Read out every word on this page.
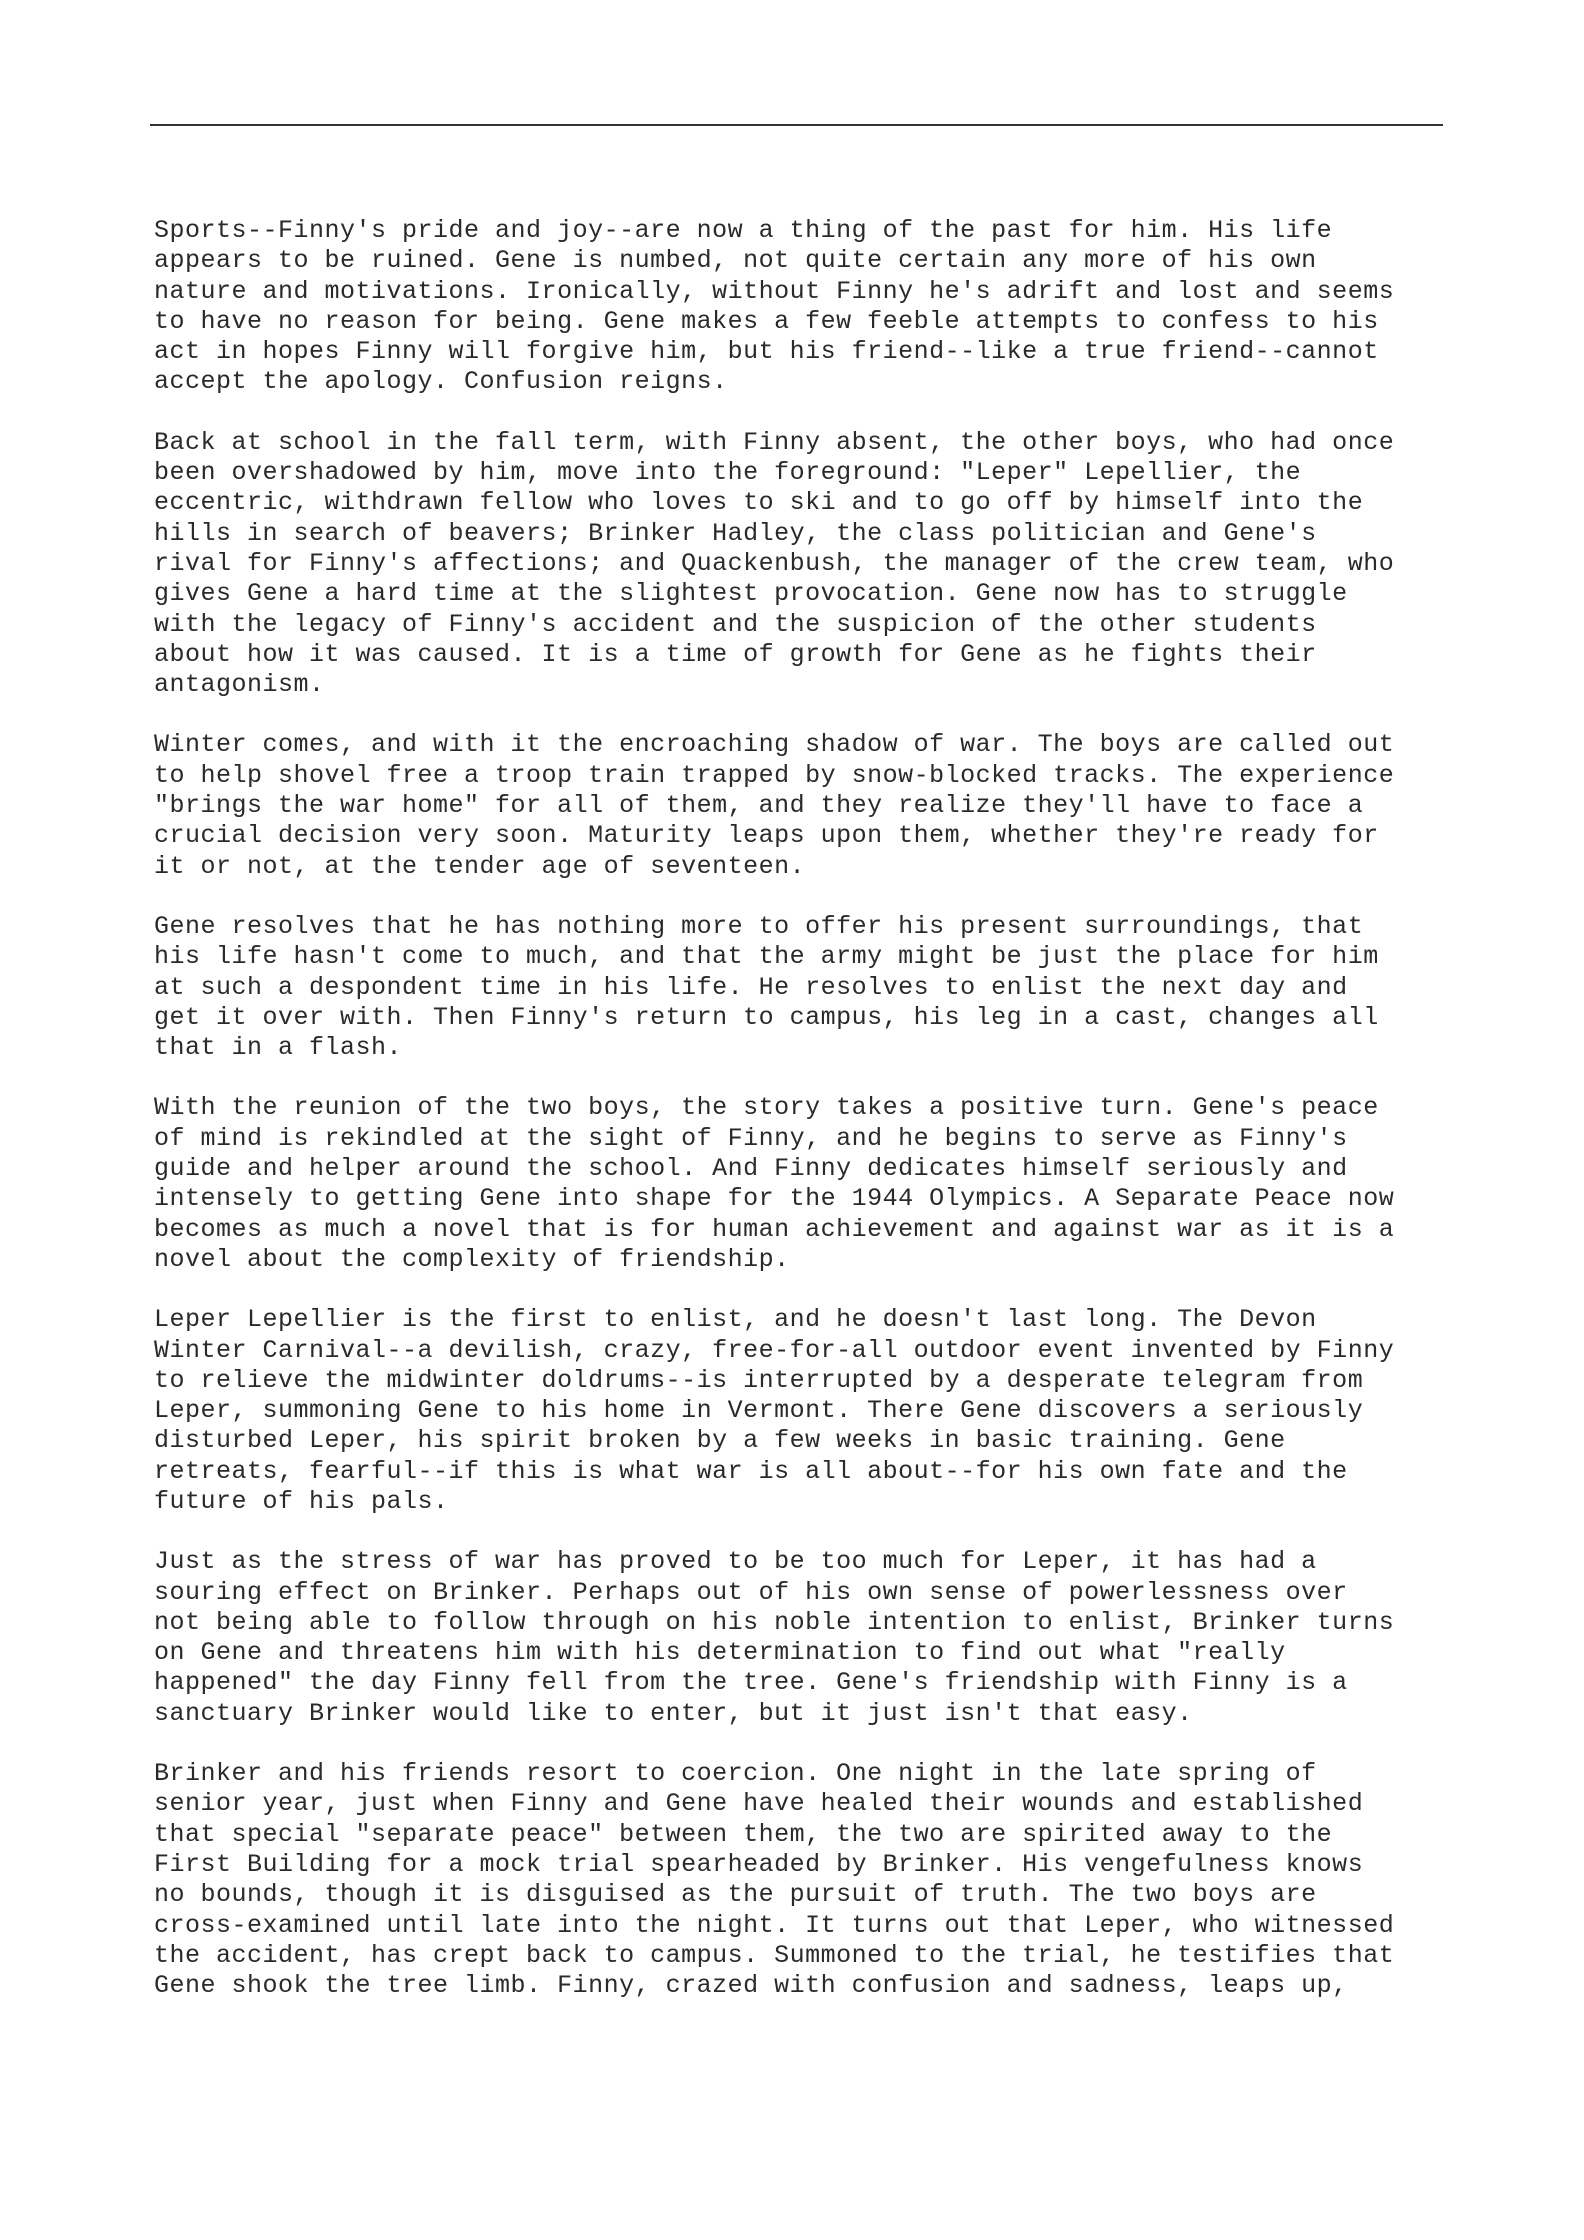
Sports--Finny's pride and joy--are now a thing of the past for him. His life
appears to be ruined. Gene is numbed, not quite certain any more of his own
nature and motivations. Ironically, without Finny he's adrift and lost and seems
to have no reason for being. Gene makes a few feeble attempts to confess to his
act in hopes Finny will forgive him, but his friend--like a true friend--cannot
accept the apology. Confusion reigns.

Back at school in the fall term, with Finny absent, the other boys, who had once
been overshadowed by him, move into the foreground: "Leper" Lepellier, the
eccentric, withdrawn fellow who loves to ski and to go off by himself into the
hills in search of beavers; Brinker Hadley, the class politician and Gene's
rival for Finny's affections; and Quackenbush, the manager of the crew team, who
gives Gene a hard time at the slightest provocation. Gene now has to struggle
with the legacy of Finny's accident and the suspicion of the other students
about how it was caused. It is a time of growth for Gene as he fights their
antagonism.

Winter comes, and with it the encroaching shadow of war. The boys are called out
to help shovel free a troop train trapped by snow-blocked tracks. The experience
"brings the war home" for all of them, and they realize they'll have to face a
crucial decision very soon. Maturity leaps upon them, whether they're ready for
it or not, at the tender age of seventeen.

Gene resolves that he has nothing more to offer his present surroundings, that
his life hasn't come to much, and that the army might be just the place for him
at such a despondent time in his life. He resolves to enlist the next day and
get it over with. Then Finny's return to campus, his leg in a cast, changes all
that in a flash.

With the reunion of the two boys, the story takes a positive turn. Gene's peace
of mind is rekindled at the sight of Finny, and he begins to serve as Finny's
guide and helper around the school. And Finny dedicates himself seriously and
intensely to getting Gene into shape for the 1944 Olympics. A Separate Peace now
becomes as much a novel that is for human achievement and against war as it is a
novel about the complexity of friendship.

Leper Lepellier is the first to enlist, and he doesn't last long. The Devon
Winter Carnival--a devilish, crazy, free-for-all outdoor event invented by Finny
to relieve the midwinter doldrums--is interrupted by a desperate telegram from
Leper, summoning Gene to his home in Vermont. There Gene discovers a seriously
disturbed Leper, his spirit broken by a few weeks in basic training. Gene
retreats, fearful--if this is what war is all about--for his own fate and the
future of his pals.

Just as the stress of war has proved to be too much for Leper, it has had a
souring effect on Brinker. Perhaps out of his own sense of powerlessness over
not being able to follow through on his noble intention to enlist, Brinker turns
on Gene and threatens him with his determination to find out what "really
happened" the day Finny fell from the tree. Gene's friendship with Finny is a
sanctuary Brinker would like to enter, but it just isn't that easy.

Brinker and his friends resort to coercion. One night in the late spring of
senior year, just when Finny and Gene have healed their wounds and established
that special "separate peace" between them, the two are spirited away to the
First Building for a mock trial spearheaded by Brinker. His vengefulness knows
no bounds, though it is disguised as the pursuit of truth. The two boys are
cross-examined until late into the night. It turns out that Leper, who witnessed
the accident, has crept back to campus. Summoned to the trial, he testifies that
Gene shook the tree limb. Finny, crazed with confusion and sadness, leaps up,
